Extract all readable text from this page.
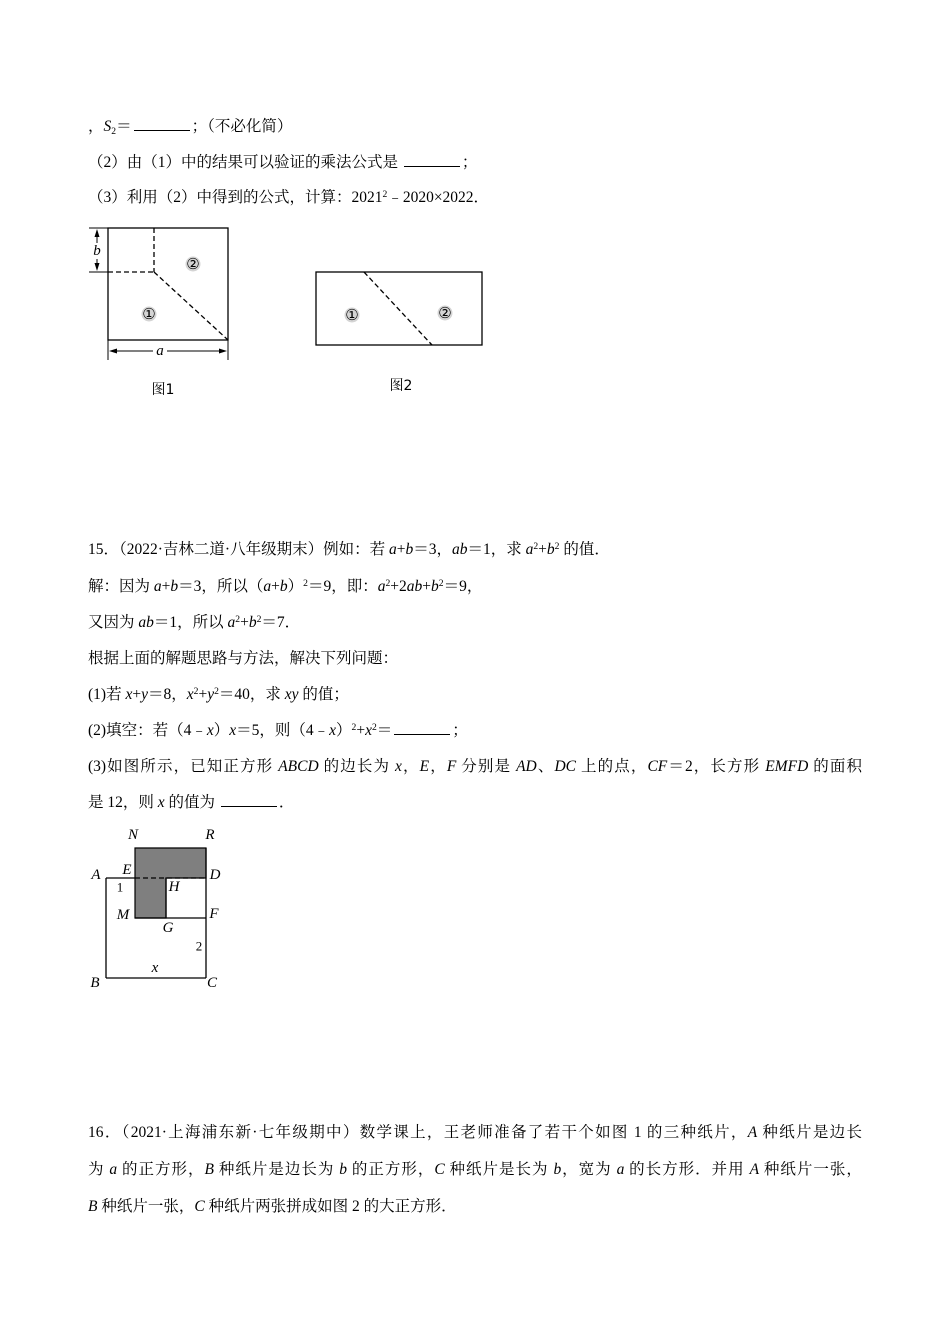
，S2＝	；（不必化简）
（2）由（1）中的结果可以验证的乘法公式是	；
（3）利用（2）中得到的公式，计算：$2021^2﹣2020\times 2022$．
b
a
①
②
图1
①	②
图2
15．（2022·吉林二道·八年级期末）例如：若 a+b＝3，ab＝1，求 $a^2+b^2$ 的值．
解：因为 a+b＝3，所以$(a+b)^2=9$，即：$a^2+2ab+b^2=9$，
又因为 ab＝1，所以 $a^2+b^2=7$．
根据上面的解题思路与方法，解决下列问题：
(1)若 x+y＝8，$x^2+y^2=40$，求 xy 的值；
(2)填空：若（4﹣x）x＝5，则$(4﹣x)^2+x^2=$	；
(3)如图所示，已知正方形 ABCD 的边长为 x，E，F 分别是 AD、DC 上的点，CF＝2，长方形 EMFD 的面积
是 12，则 x 的值为	．
N	R
A E	D
1	H
M	F
G
2
x
B	C
16．（2021·上海浦东新·七年级期中）数学课上，王老师准备了若干个如图 1 的三种纸片，A 种纸片是边长
为 a 的正方形，B 种纸片是边长为 b 的正方形，C 种纸片是长为 b，宽为 a 的长方形．并用 A 种纸片一张，
B 种纸片一张，C 种纸片两张拼成如图 2 的大正方形．
